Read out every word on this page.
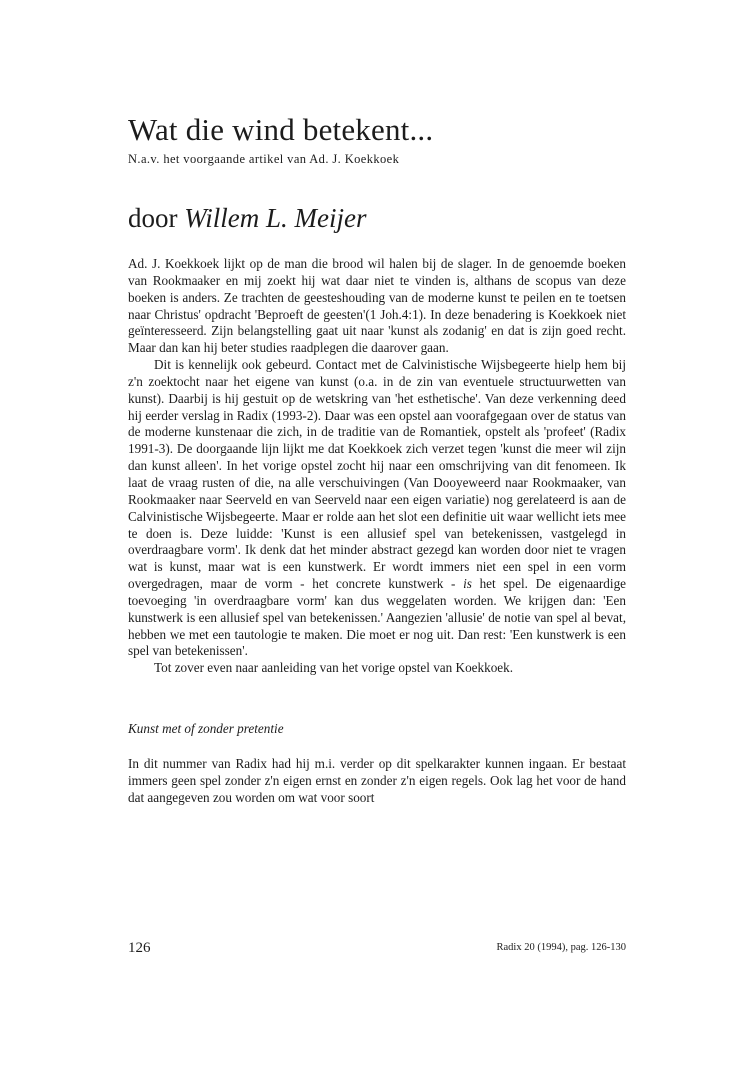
Wat die wind betekent...
N.a.v. het voorgaande artikel van Ad. J. Koekkoek
door Willem L. Meijer

Ad. J. Koekkoek lijkt op de man die brood wil halen bij de slager. In de genoemde boeken van Rookmaaker en mij zoekt hij wat daar niet te vinden is, althans de scopus van deze boeken is anders. Ze trachten de geesteshouding van de moderne kunst te peilen en te toetsen naar Christus' opdracht 'Beproeft de geesten'(1 Joh.4:1). In deze benadering is Koekkoek niet geïnteresseerd. Zijn belangstelling gaat uit naar 'kunst als zodanig' en dat is zijn goed recht. Maar dan kan hij beter studies raadplegen die daarover gaan.

Dit is kennelijk ook gebeurd. Contact met de Calvinistische Wijsbegeerte hielp hem bij z'n zoektocht naar het eigene van kunst (o.a. in de zin van eventuele structuurwetten van kunst). Daarbij is hij gestuit op de wetskring van 'het esthetische'. Van deze verkenning deed hij eerder verslag in Radix (1993-2). Daar was een opstel aan voorafgegaan over de status van de moderne kunstenaar die zich, in de traditie van de Romantiek, opstelt als 'profeet' (Radix 1991-3). De doorgaande lijn lijkt me dat Koekkoek zich verzet tegen 'kunst die meer wil zijn dan kunst alleen'. In het vorige opstel zocht hij naar een omschrijving van dit fenomeen. Ik laat de vraag rusten of die, na alle verschuivingen (Van Dooyeweerd naar Rookmaaker, van Rookmaaker naar Seerveld en van Seerveld naar een eigen variatie) nog gerelateerd is aan de Calvinistische Wijsbegeerte. Maar er rolde aan het slot een definitie uit waar wellicht iets mee te doen is. Deze luidde: 'Kunst is een allusief spel van betekenissen, vastgelegd in overdraagbare vorm'. Ik denk dat het minder abstract gezegd kan worden door niet te vragen wat is kunst, maar wat is een kunstwerk. Er wordt immers niet een spel in een vorm overgedragen, maar de vorm - het concrete kunstwerk - is het spel. De eigenaardige toevoeging 'in overdraagbare vorm' kan dus weggelaten worden. We krijgen dan: 'Een kunstwerk is een allusief spel van betekenissen.' Aangezien 'allusie' de notie van spel al bevat, hebben we met een tautologie te maken. Die moet er nog uit. Dan rest: 'Een kunstwerk is een spel van betekenissen'.

Tot zover even naar aanleiding van het vorige opstel van Koekkoek.

Kunst met of zonder pretentie

In dit nummer van Radix had hij m.i. verder op dit spelkarakter kunnen ingaan. Er bestaat immers geen spel zonder z'n eigen ernst en zonder z'n eigen regels. Ook lag het voor de hand dat aangegeven zou worden om wat voor soort

126	Radix 20 (1994), pag. 126-130
